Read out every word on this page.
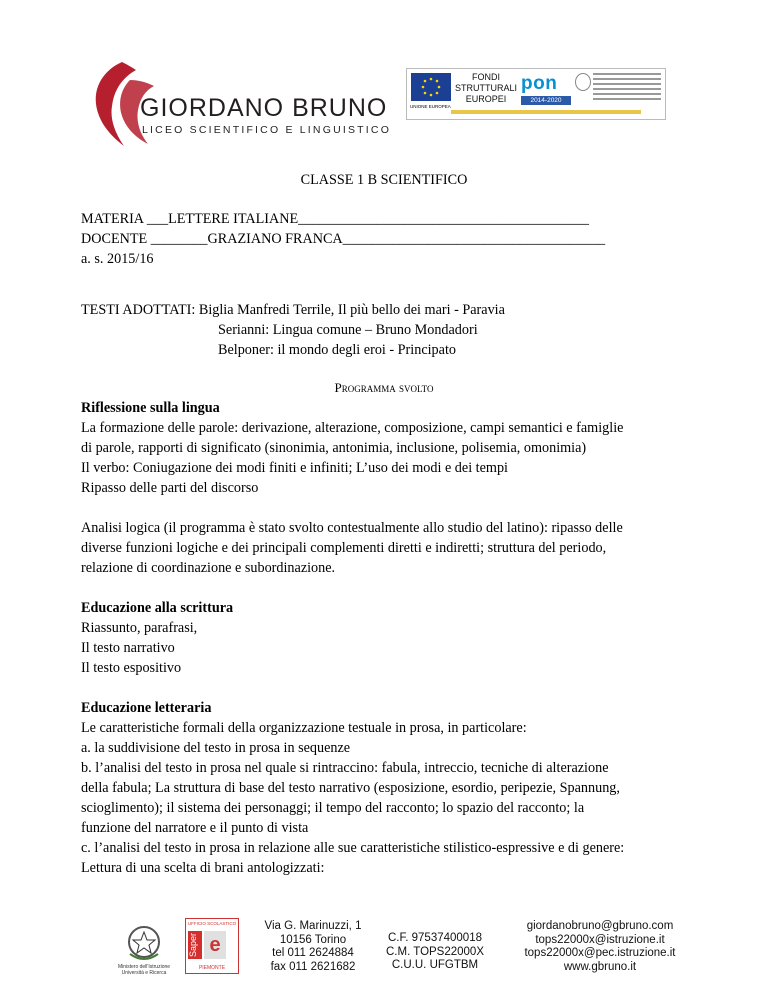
GIORDANO BRUNO
LICEO SCIENTIFICO E LINGUISTICO
UNIONE EUROPEA
FONDI
STRUTTURALI
EUROPEI
pon
2014-2020
CLASSE 1 B SCIENTIFICO
MATERIA ___LETTERE ITALIANE_________________________________________
DOCENTE ________GRAZIANO FRANCA_____________________________________
a. s. 2015/16
TESTI ADOTTATI: Biglia Manfredi Terrile, Il più bello dei mari - Paravia
Serianni: Lingua comune – Bruno Mondadori
Belponer: il mondo degli eroi - Principato
Programma svolto
Riflessione sulla lingua
La formazione delle parole: derivazione, alterazione, composizione, campi semantici e famiglie
di parole, rapporti di significato (sinonimia, antonimia, inclusione, polisemia, omonimia)
Il verbo: Coniugazione dei modi finiti e infiniti; L’uso dei modi e dei tempi
Ripasso delle parti del discorso
Analisi logica (il programma è stato svolto contestualmente allo studio del latino): ripasso delle
diverse funzioni logiche e dei principali complementi diretti e indiretti; struttura del periodo,
relazione di coordinazione e subordinazione.
Educazione alla scrittura
Riassunto, parafrasi,
Il testo narrativo
Il testo espositivo
Educazione letteraria
Le caratteristiche formali della organizzazione testuale in prosa, in particolare:
a. la suddivisione del testo in prosa in sequenze
b. l’analisi del testo in prosa nel quale si rintraccino: fabula, intreccio, tecniche di alterazione
della fabula; La struttura di base del testo narrativo (esposizione, esordio, peripezie, Spannung,
scioglimento); il sistema dei personaggi; il tempo del racconto; lo spazio del racconto; la
funzione del narratore e il punto di vista
c. l’analisi del testo in prosa in relazione alle sue caratteristiche stilistico-espressive e di genere:
Lettura di una scelta di brani antologizzati:
Ministero dell'Istruzione
Università e Ricerca
UFFICIO SCOLASTICO
Saper e
PIEMONTE
Via G. Marinuzzi, 1
10156 Torino
tel 011 2624884
fax 011 2621682
C.F. 97537400018
C.M. TOPS22000X
C.U.U. UFGTBM
giordanobruno@gbruno.com
tops22000x@istruzione.it
tops22000x@pec.istruzione.it
www.gbruno.it
